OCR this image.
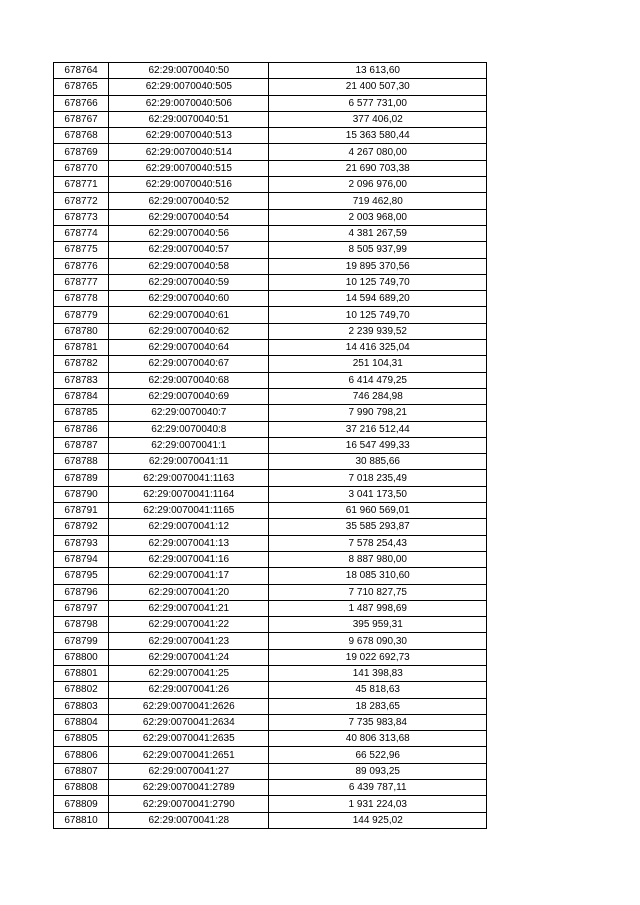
678764	62:29:0070040:50	13 613,60
678765	62:29:0070040:505	21 400 507,30
678766	62:29:0070040:506	6 577 731,00
678767	62:29:0070040:51	377 406,02
678768	62:29:0070040:513	15 363 580,44
678769	62:29:0070040:514	4 267 080,00
678770	62:29:0070040:515	21 690 703,38
678771	62:29:0070040:516	2 096 976,00
678772	62:29:0070040:52	719 462,80
678773	62:29:0070040:54	2 003 968,00
678774	62:29:0070040:56	4 381 267,59
678775	62:29:0070040:57	8 505 937,99
678776	62:29:0070040:58	19 895 370,56
678777	62:29:0070040:59	10 125 749,70
678778	62:29:0070040:60	14 594 689,20
678779	62:29:0070040:61	10 125 749,70
678780	62:29:0070040:62	2 239 939,52
678781	62:29:0070040:64	14 416 325,04
678782	62:29:0070040:67	251 104,31
678783	62:29:0070040:68	6 414 479,25
678784	62:29:0070040:69	746 284,98
678785	62:29:0070040:7	7 990 798,21
678786	62:29:0070040:8	37 216 512,44
678787	62:29:0070041:1	16 547 499,33
678788	62:29:0070041:11	30 885,66
678789	62:29:0070041:1163	7 018 235,49
678790	62:29:0070041:1164	3 041 173,50
678791	62:29:0070041:1165	61 960 569,01
678792	62:29:0070041:12	35 585 293,87
678793	62:29:0070041:13	7 578 254,43
678794	62:29:0070041:16	8 887 980,00
678795	62:29:0070041:17	18 085 310,60
678796	62:29:0070041:20	7 710 827,75
678797	62:29:0070041:21	1 487 998,69
678798	62:29:0070041:22	395 959,31
678799	62:29:0070041:23	9 678 090,30
678800	62:29:0070041:24	19 022 692,73
678801	62:29:0070041:25	141 398,83
678802	62:29:0070041:26	45 818,63
678803	62:29:0070041:2626	18 283,65
678804	62:29:0070041:2634	7 735 983,84
678805	62:29:0070041:2635	40 806 313,68
678806	62:29:0070041:2651	66 522,96
678807	62:29:0070041:27	89 093,25
678808	62:29:0070041:2789	6 439 787,11
678809	62:29:0070041:2790	1 931 224,03
678810	62:29:0070041:28	144 925,02
